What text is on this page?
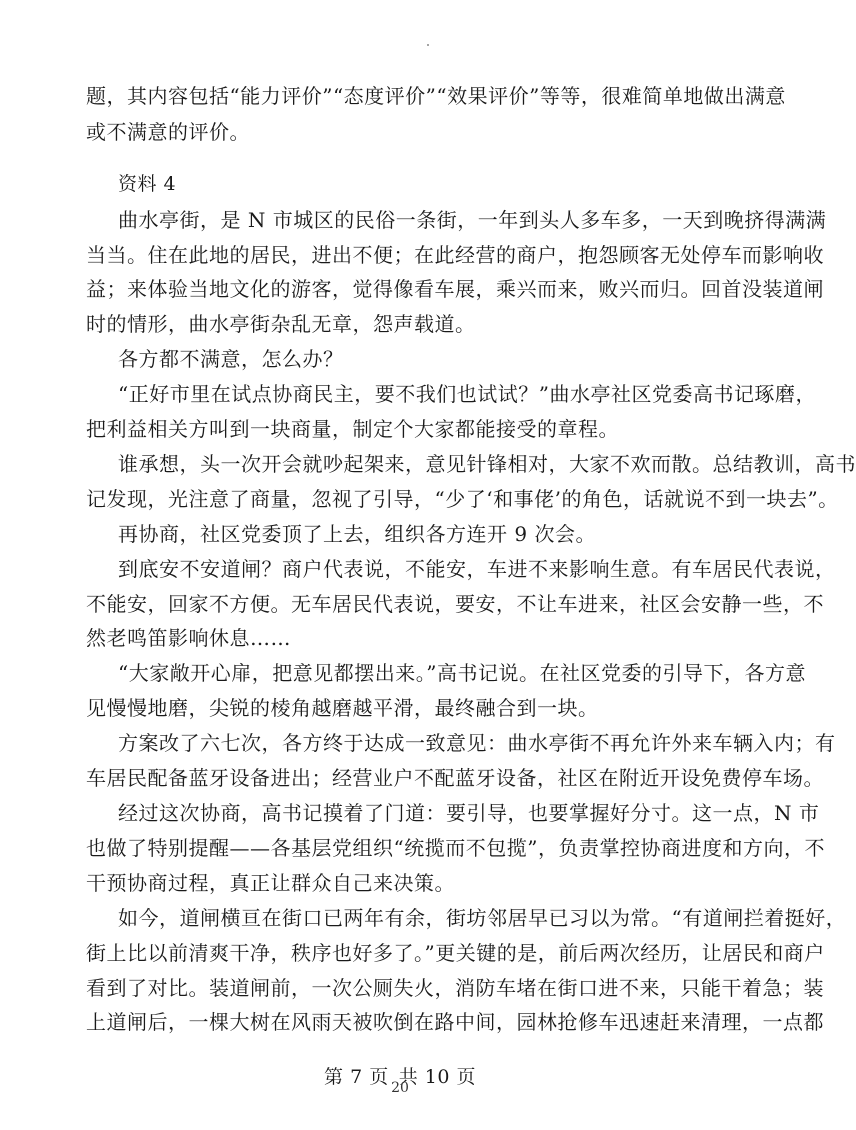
题，其内容包括“能力评价”“态度评价”“效果评价”等等，很难简单地做出满意
或不满意的评价。
资料 4
曲水亭街，是 N 市城区的民俗一条街，一年到头人多车多，一天到晚挤得满满
当当。住在此地的居民，进出不便；在此经营的商户，抱怨顾客无处停车而影响收
益；来体验当地文化的游客，觉得像看车展，乘兴而来，败兴而归。回首没装道闸
时的情形，曲水亭街杂乱无章，怨声载道。
各方都不满意，怎么办？
“正好市里在试点协商民主，要不我们也试试？”曲水亭社区党委高书记琢磨，
把利益相关方叫到一块商量，制定个大家都能接受的章程。
谁承想，头一次开会就吵起架来，意见针锋相对，大家不欢而散。总结教训，高书
记发现，光注意了商量，忽视了引导，“少了‘和事佬’的角色，话就说不到一块去”。
再协商，社区党委顶了上去，组织各方连开 9 次会。
到底安不安道闸？商户代表说，不能安，车进不来影响生意。有车居民代表说，
不能安，回家不方便。无车居民代表说，要安，不让车进来，社区会安静一些，不
然老鸣笛影响休息……
“大家敞开心扉，把意见都摆出来。”高书记说。在社区党委的引导下，各方意
见慢慢地磨，尖锐的棱角越磨越平滑，最终融合到一块。
方案改了六七次，各方终于达成一致意见：曲水亭街不再允许外来车辆入内；有
车居民配备蓝牙设备进出；经营业户不配蓝牙设备，社区在附近开设免费停车场。
经过这次协商，高书记摸着了门道：要引导，也要掌握好分寸。这一点，N 市
也做了特别提醒——各基层党组织“统揽而不包揽”，负责掌控协商进度和方向，不
干预协商过程，真正让群众自己来决策。
如今，道闸横亘在街口已两年有余，街坊邻居早已习以为常。“有道闸拦着挺好，
街上比以前清爽干净，秩序也好多了。”更关键的是，前后两次经历，让居民和商户
看到了对比。装道闸前，一次公厕失火，消防车堵在街口进不来，只能干着急；装
上道闸后，一棵大树在风雨天被吹倒在路中间，园林抢修车迅速赶来清理，一点都
第 7 页 共 10 页
20
